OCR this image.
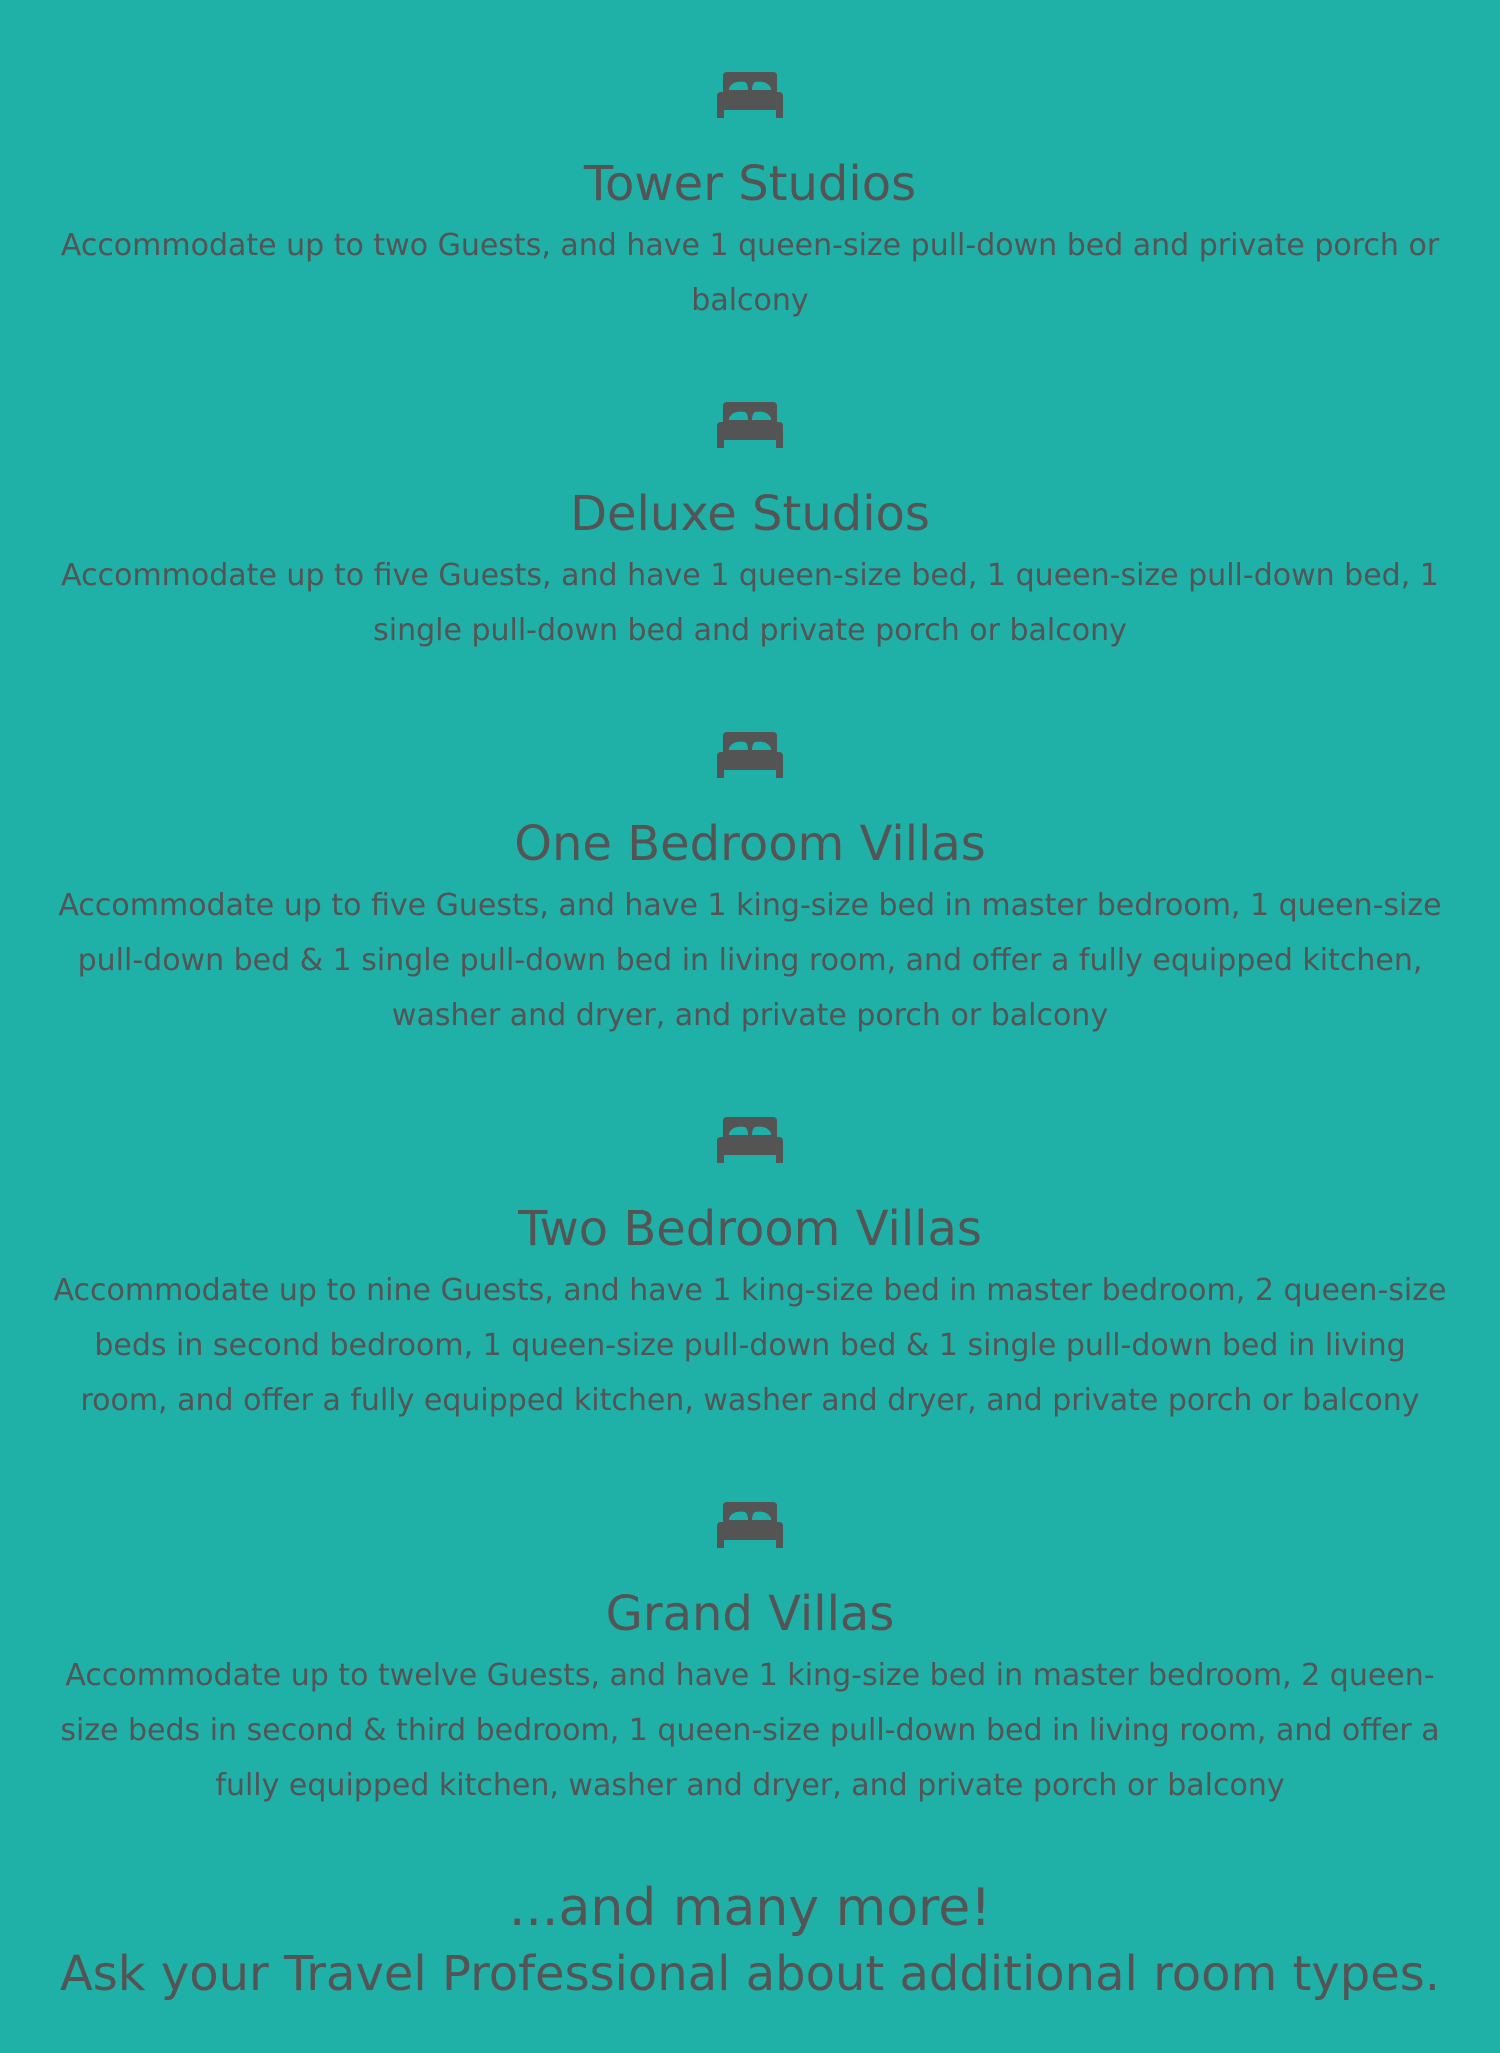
Tower Studios

Accommodate up to two Guests, and have 1 queen-size pull-down bed and private porch or balcony

Deluxe Studios

Accommodate up to five Guests, and have 1 queen-size bed, 1 queen-size pull-down bed, 1 single pull-down bed and private porch or balcony

One Bedroom Villas

Accommodate up to five Guests, and have 1 king-size bed in master bedroom, 1 queen-size pull-down bed & 1 single pull-down bed in living room, and offer a fully equipped kitchen, washer and dryer, and private porch or balcony

Two Bedroom Villas

Accommodate up to nine Guests, and have 1 king-size bed in master bedroom, 2 queen-size beds in second bedroom, 1 queen-size pull-down bed & 1 single pull-down bed in living room, and offer a fully equipped kitchen, washer and dryer, and private porch or balcony

Grand Villas

Accommodate up to twelve Guests, and have 1 king-size bed in master bedroom, 2 queen-size beds in second & third bedroom, 1 queen-size pull-down bed in living room, and offer a fully equipped kitchen, washer and dryer, and private porch or balcony

...and many more!

Ask your Travel Professional about additional room types.
